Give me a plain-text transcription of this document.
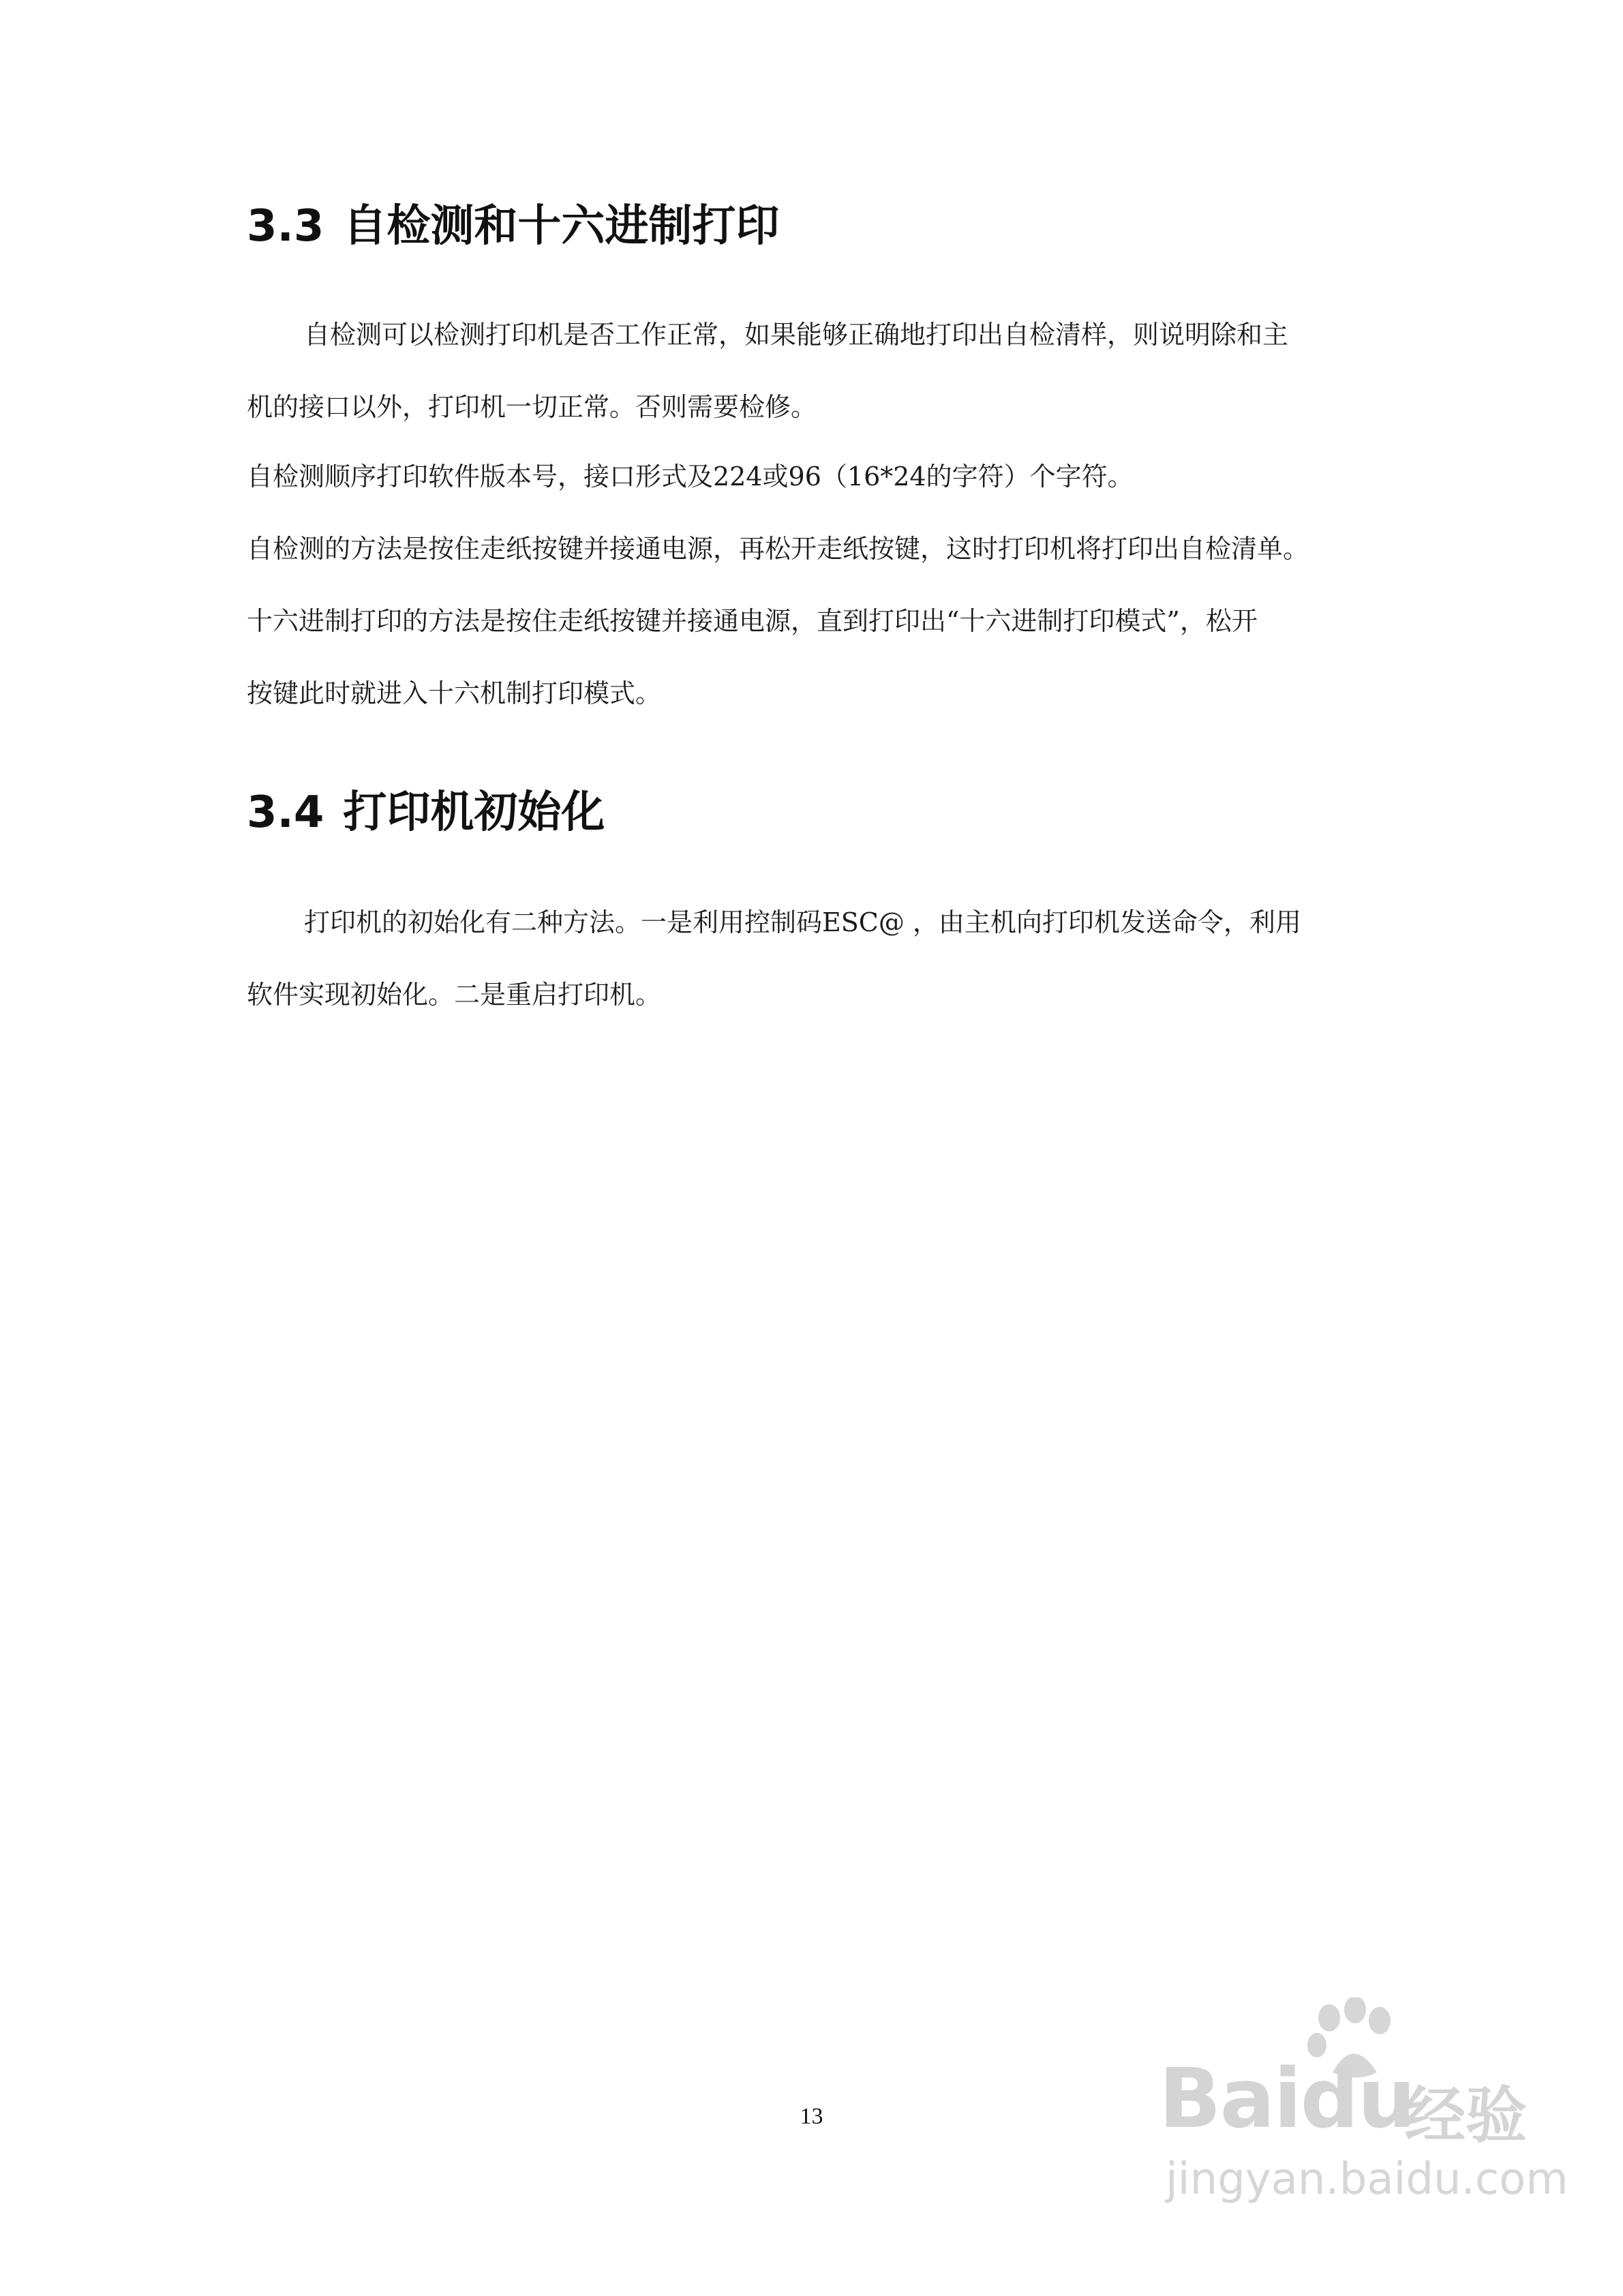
3.3 自检测和十六进制打印

自检测可以检测打印机是否工作正常，如果能够正确地打印出自检清样，则说明除和主
机的接口以外，打印机一切正常。否则需要检修。

自检测顺序打印软件版本号，接口形式及224或96（16*24的字符）个字符。

自检测的方法是按住走纸按键并接通电源，再松开走纸按键，这时打印机将打印出自检清单。

十六进制打印的方法是按住走纸按键并接通电源，直到打印出“十六进制打印模式”，松开
按键此时就进入十六机制打印模式。

3.4 打印机初始化

打印机的初始化有二种方法。一是利用控制码ESC@ ，由主机向打印机发送命令，利用
软件实现初始化。二是重启打印机。

13	Baidu
经验
jingyan.baidu.com
